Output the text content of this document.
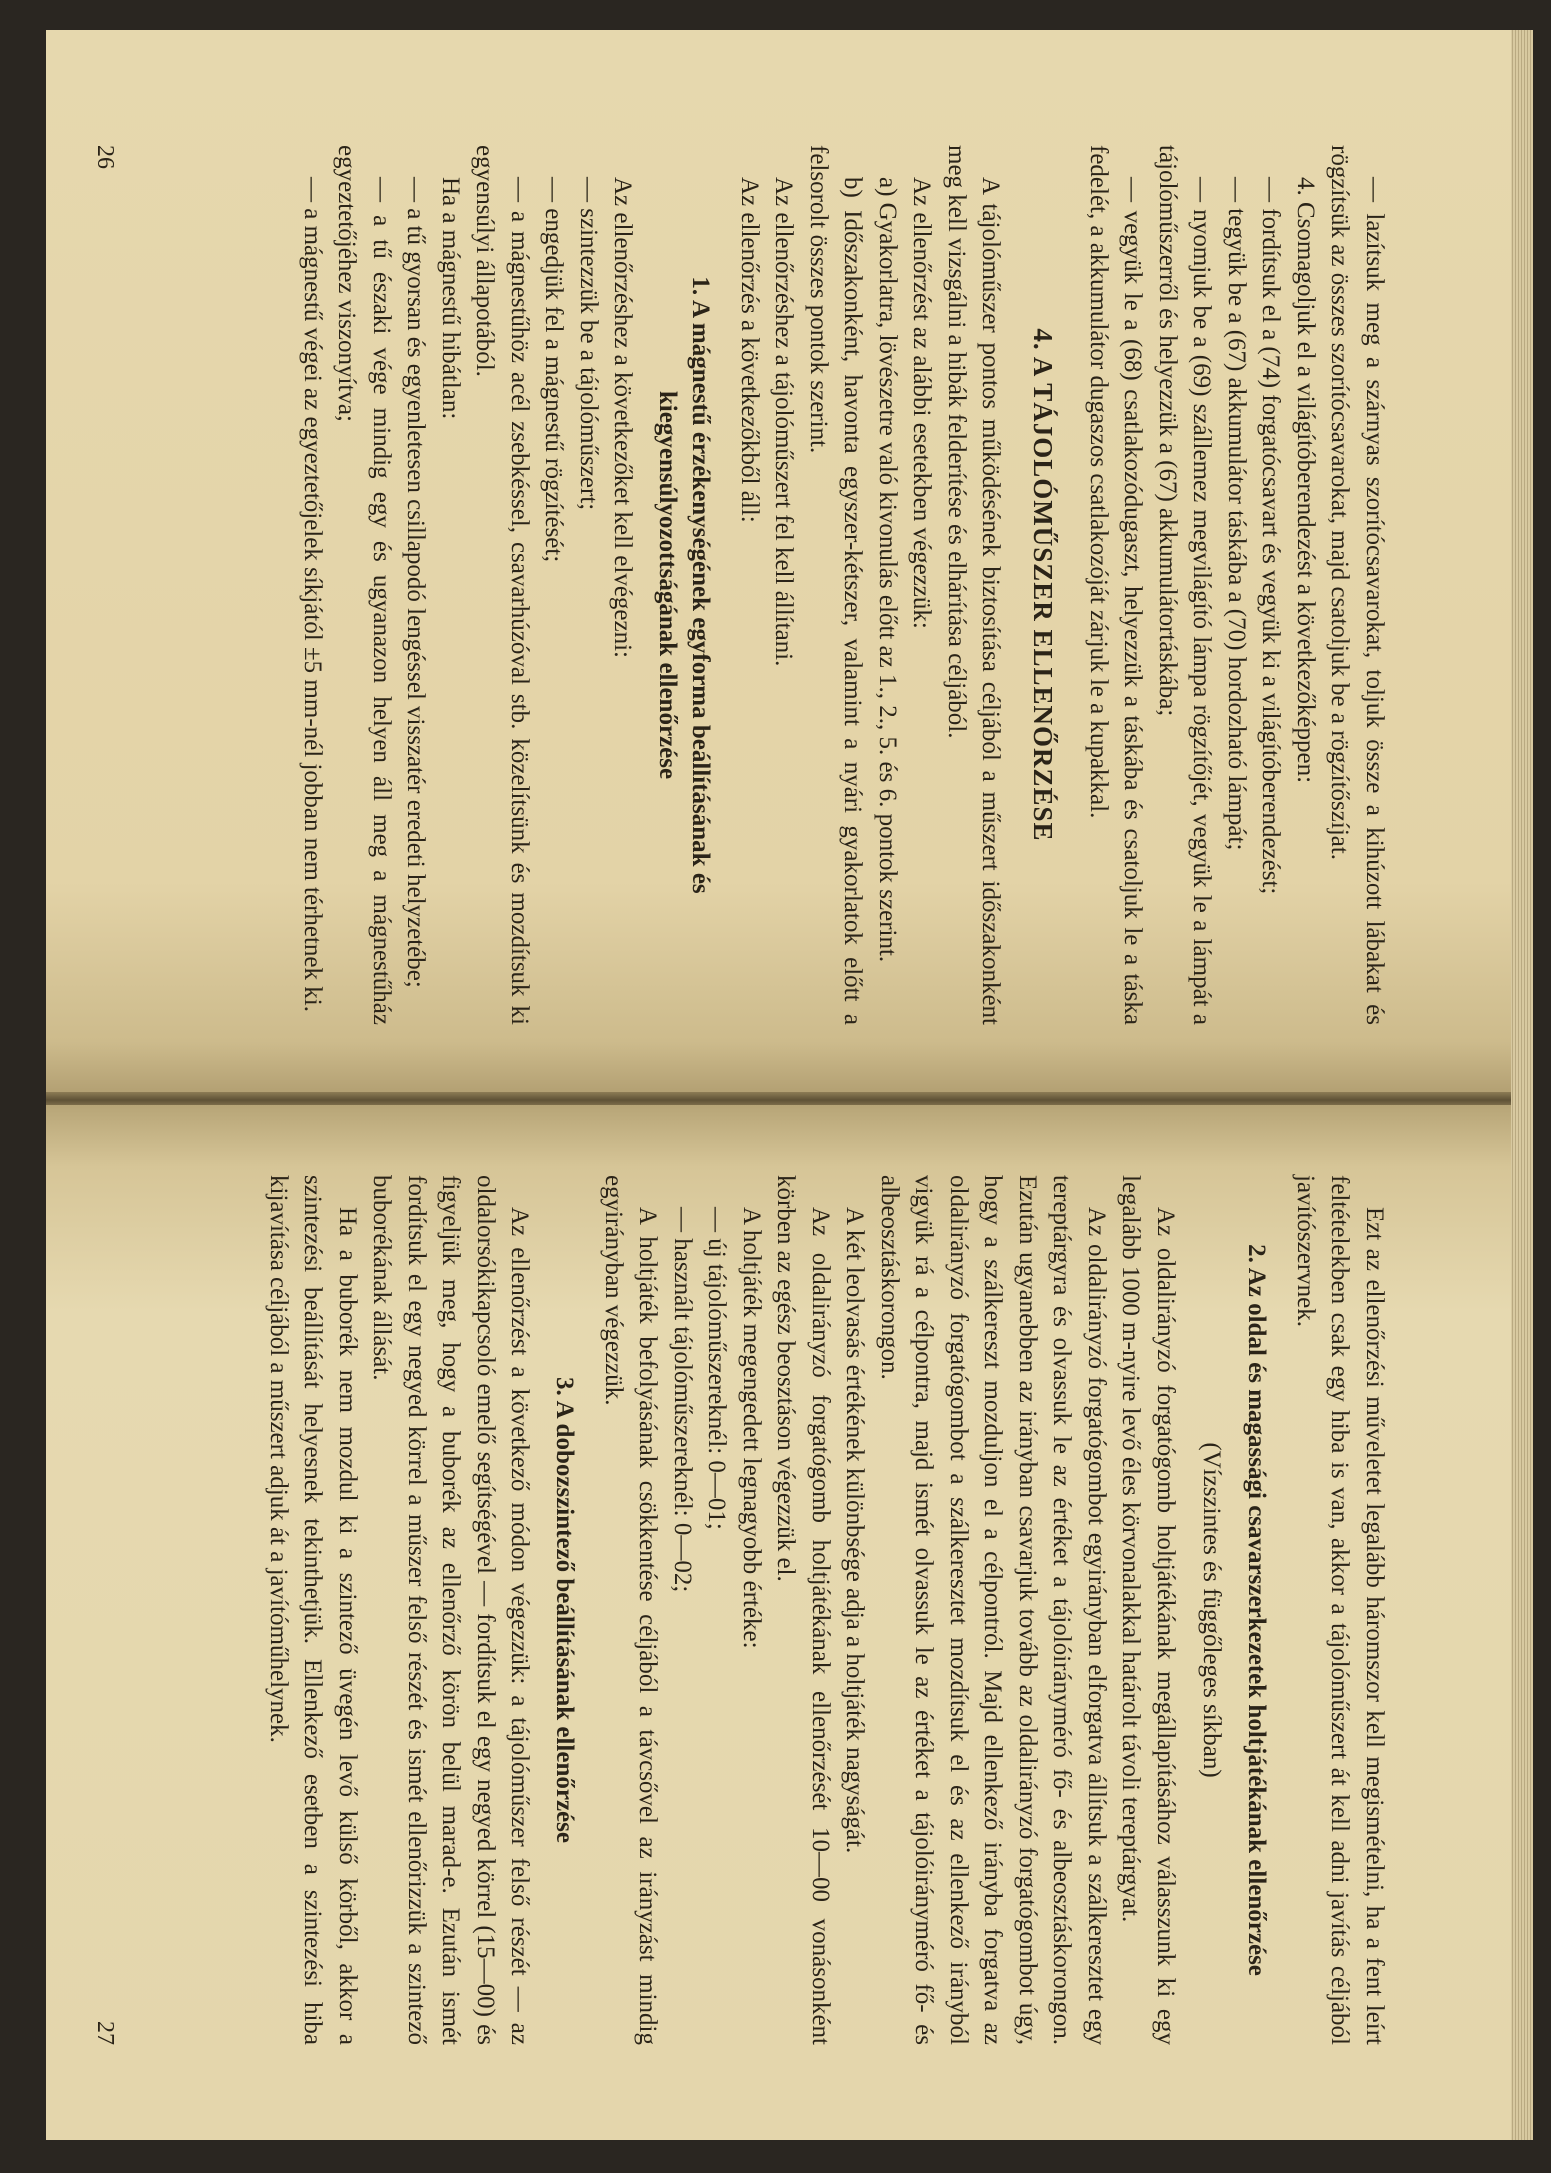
— lazítsuk meg a szárnyas szorítócsavarokat, toljuk össze a kihúzott lábakat és rögzítsük az összes szorítócsavarokat, majd csatoljuk be a rögzítőszíjat.

4. Csomagoljuk el a világítóberendezést a következőképpen:

— fordítsuk el a (74) forgatócsavart és vegyük ki a világítóberendezést;

— tegyük be a (67) akkumulátor táskába a (70) hordozható lámpát;

— nyomjuk be a (69) szállemez megvilágító lámpa rögzítőjét, vegyük le a lámpát a tájolóműszerről és helyezzük a (67) akkumulátortáskába;

— vegyük le a (68) csatlakozódugaszt, helyezzük a táskába és csatoljuk le a táska fedelét, a akkumulátor dugaszos csatlakozóját zárjuk le a kupakkal.

4. A TÁJOLÓMŰSZER ELLENŐRZÉSE

A tájolóműszer pontos működésének biztosítása céljából a műszert időszakonként meg kell vizsgálni a hibák felderítése és elhárítása céljából.

Az ellenőrzést az alábbi esetekben végezzük:

a) Gyakorlatra, lövészetre való kivonulás előtt az 1., 2., 5. és 6. pontok szerint.

b) Időszakonként, havonta egyszer-kétszer, valamint a nyári gyakorlatok előtt a felsorolt összes pontok szerint.

Az ellenőrzéshez a tájolóműszert fel kell állítani.

Az ellenőrzés a következőkből áll:

1. A mágnestű érzékenységének egyforma beállításának és kiegyensúlyozottságának ellenőrzése

Az ellenőrzéshez a következőket kell elvégezni:

— szintezzük be a tájolóműszert;

— engedjük fel a mágnestű rögzítését;

— a mágnestűhöz acél zsebkéssel, csavarhúzóval stb. közelítsünk és mozdítsuk ki egyensúlyi állapotából.

Ha a mágnestű hibátlan:

— a tű gyorsan és egyenletesen csillapodó lengéssel visszatér eredeti helyzetébe;

— a tű északi vége mindig egy és ugyanazon helyen áll meg a mágnestűház egyeztetőjéhez viszonyítva;

— a mágnestű végei az egyeztetőjelek síkjától ±5 mm-nél jobban nem térhetnek ki.

26

Ezt az ellenőrzési műveletet legalább háromszor kell megismételni, ha a fent leírt feltételekben csak egy hiba is van, akkor a tájolóműszert át kell adni javítás céljából javítószervnek.

2. Az oldal és magassági csavarszerkezetek holtjátékának ellenőrzése

(Vízszintes és függőleges síkban)

Az oldalirányzó forgatógomb holtjátékának megállapításához válasszunk ki egy legalább 1000 m-nyire levő éles körvonalakkal határolt távoli tereptárgyat.

Az oldalirányzó forgatógombot egyirányban elforgatva állítsuk a szálkeresztet egy tereptárgyra és olvassuk le az értéket a tájolóirányméró fő- és albeosztáskorongon. Ezután ugyanebben az irányban csavarjuk tovább az oldalirányzó forgatógombot úgy, hogy a szálkereszt mozduljon el a célpontról. Majd ellenkező irányba forgatva az oldalirányzó forgatógombot a szálkeresztet mozdítsuk el és az ellenkező irányból vigyük rá a célpontra, majd ismét olvassuk le az értéket a tájolóirányméró fő- és albeosztáskorongon.

A két leolvasás értékének különbsége adja a holtjáték nagyságát.

Az oldalirányzó forgatógomb holtjátékának ellenőrzését 10—00 vonásonként körben az egész beosztáson végezzük el.

A holtjáték megengedett legnagyobb értéke:

— új tájolóműszereknél: 0—01;

— használt tájolóműszereknél: 0—02;

A holtjáték befolyásának csökkentése céljából a távcsővel az irányzást mindig egyirányban végezzük.

3. A dobozszintező beállításának ellenőrzése

Az ellenőrzést a következő módon végezzük: a tájolóműszer felső részét — az oldalorsókikapcsoló emelő segítségével — fordítsuk el egy negyed körrel (15—00) és figyeljük meg, hogy a buborék az ellenőrző körön belül marad-e. Ezután ismét fordítsuk el egy negyed körrel a műszer felső részét és ismét ellenőrizzük a szintező buborékának állását.

Ha a buborék nem mozdul ki a szintező üvegén levő külső körből, akkor a szintezési beállítását helyesnek tekinthetjük. Ellenkező esetben a szintezési hiba kijavítása céljából a műszert adjuk át a javítóműhelynek.

27
